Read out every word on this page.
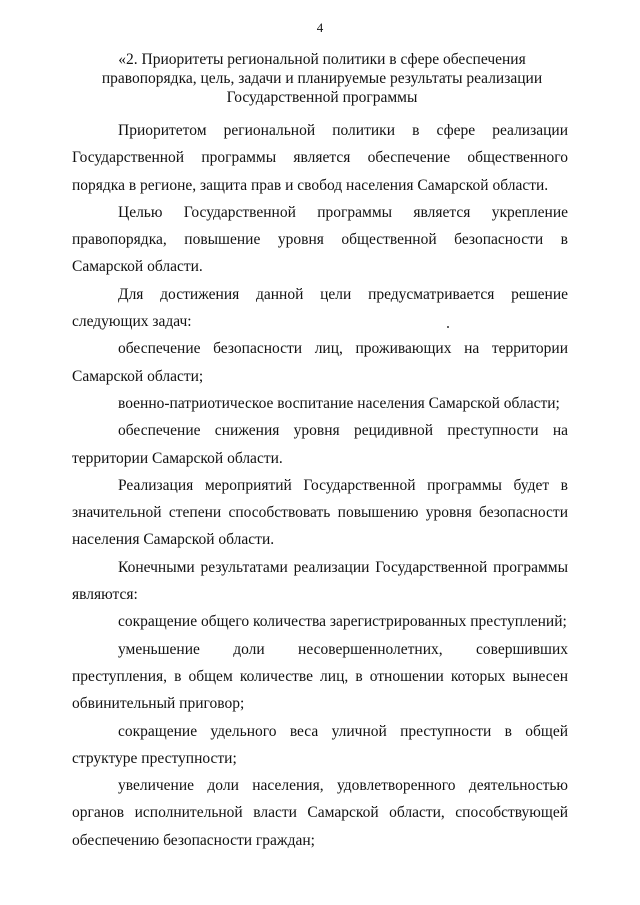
4
«2. Приоритеты региональной политики в сфере обеспечения правопорядка, цель, задачи и планируемые результаты реализации Государственной программы

Приоритетом региональной политики в сфере реализации Государственной программы является обеспечение общественного порядка в регионе, защита прав и свобод населения Самарской области.

Целью Государственной программы является укрепление правопорядка, повышение уровня общественной безопасности в Самарской области.

Для достижения данной цели предусматривается решение следующих задач:

обеспечение безопасности лиц, проживающих на территории Самарской области;

военно-патриотическое воспитание населения Самарской области;

обеспечение снижения уровня рецидивной преступности на территории Самарской области.

Реализация мероприятий Государственной программы будет в значительной степени способствовать повышению уровня безопасности населения Самарской области.

Конечными результатами реализации Государственной программы являются:

сокращение общего количества зарегистрированных преступлений;

уменьшение доли несовершеннолетних, совершивших преступления, в общем количестве лиц, в отношении которых вынесен обвинительный приговор;

сокращение удельного веса уличной преступности в общей структуре преступности;

увеличение доли населения, удовлетворенного деятельностью органов исполнительной власти Самарской области, способствующей обеспечению безопасности граждан;
